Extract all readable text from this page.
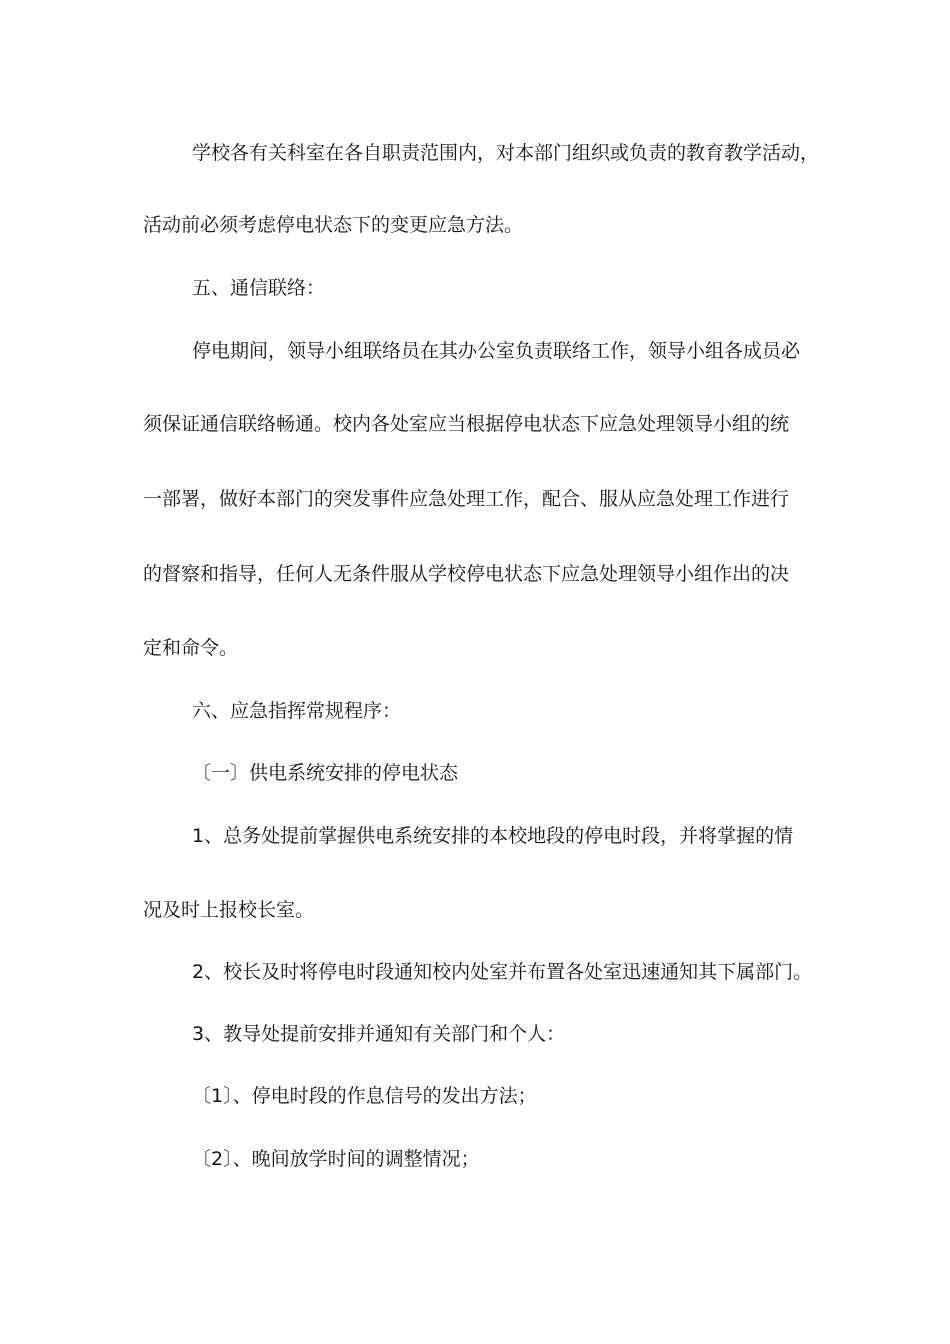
学校各有关科室在各自职责范围内，对本部门组织或负责的教育教学活动，
活动前必须考虑停电状态下的变更应急方法。
五、通信联络：
停电期间，领导小组联络员在其办公室负责联络工作，领导小组各成员必
须保证通信联络畅通。校内各处室应当根据停电状态下应急处理领导小组的统
一部署，做好本部门的突发事件应急处理工作，配合、服从应急处理工作进行
的督察和指导，任何人无条件服从学校停电状态下应急处理领导小组作出的决
定和命令。
六、应急指挥常规程序：
〔一〕供电系统安排的停电状态
1、总务处提前掌握供电系统安排的本校地段的停电时段，并将掌握的情
况及时上报校长室。
2、校长及时将停电时段通知校内处室并布置各处室迅速通知其下属部门。
3、教导处提前安排并通知有关部门和个人：
〔1〕、停电时段的作息信号的发出方法；
〔2〕、晚间放学时间的调整情况；
